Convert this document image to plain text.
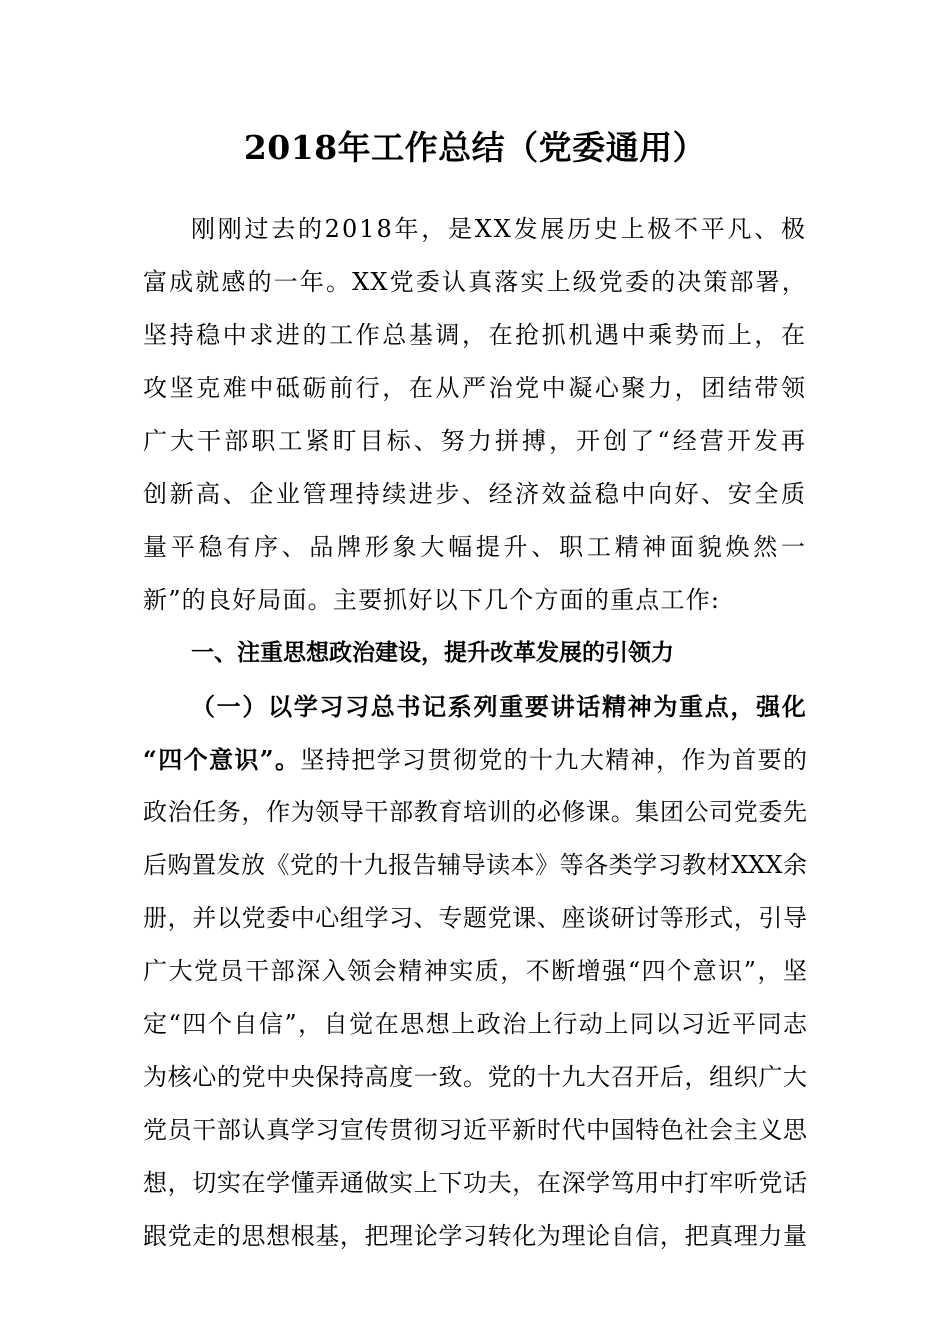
2018年工作总结（党委通用）
刚刚过去的2018年，是XX发展历史上极不平凡、极
富成就感的一年。XX党委认真落实上级党委的决策部署，
坚持稳中求进的工作总基调，在抢抓机遇中乘势而上，在
攻坚克难中砥砺前行，在从严治党中凝心聚力，团结带领
广大干部职工紧盯目标、努力拼搏，开创了“经营开发再
创新高、企业管理持续进步、经济效益稳中向好、安全质
量平稳有序、品牌形象大幅提升、职工精神面貌焕然一
新”的良好局面。主要抓好以下几个方面的重点工作:
一、注重思想政治建设，提升改革发展的引领力
（一）以学习习总书记系列重要讲话精神为重点，强化
“四个意识”。坚持把学习贯彻党的十九大精神，作为首要的
政治任务，作为领导干部教育培训的必修课。集团公司党委先
后购置发放《党的十九报告辅导读本》等各类学习教材XXX余
册，并以党委中心组学习、专题党课、座谈研讨等形式，引导
广大党员干部深入领会精神实质，不断增强“四个意识”，坚
定“四个自信”，自觉在思想上政治上行动上同以习近平同志
为核心的党中央保持高度一致。党的十九大召开后，组织广大
党员干部认真学习宣传贯彻习近平新时代中国特色社会主义思
想，切实在学懂弄通做实上下功夫，在深学笃用中打牢听党话
跟党走的思想根基，把理论学习转化为理论自信，把真理力量
